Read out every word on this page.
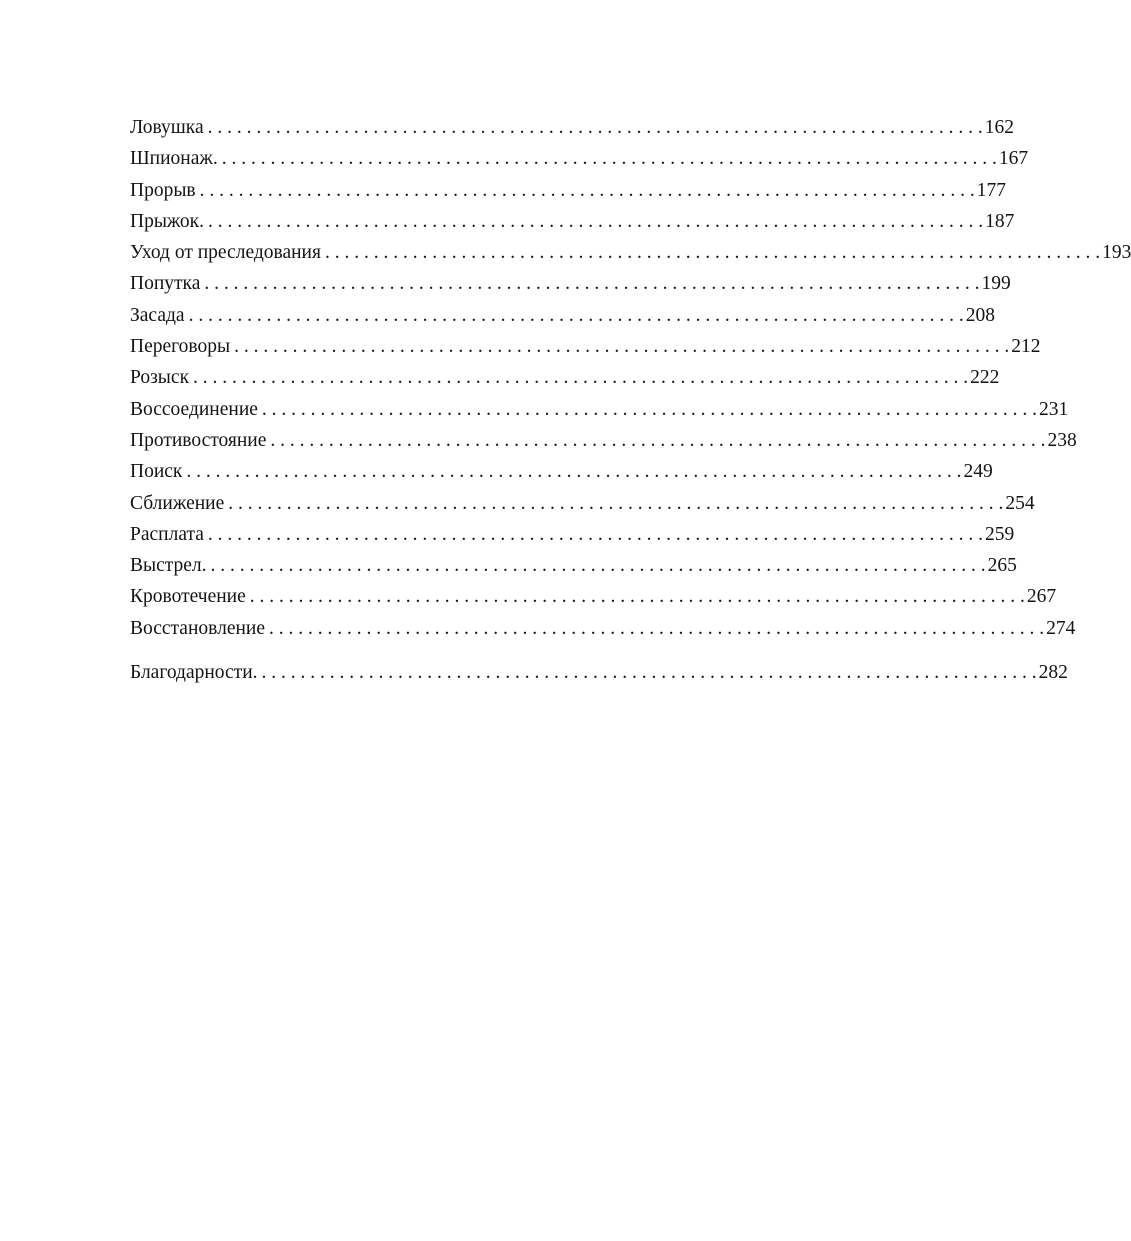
Ловушка . . . . . . . . . . . . . . . . . . . . . . . . . . . . . . . . . . . . . . . . . . . . . . . . . . . . . . . . . . . . . . . . . . . . . . . . . . . . . . . . 162
Шпионаж. . . . . . . . . . . . . . . . . . . . . . . . . . . . . . . . . . . . . . . . . . . . . . . . . . . . . . . . . . . . . . . . . . . . . . . . . . . . . . . . . 167
Прорыв . . . . . . . . . . . . . . . . . . . . . . . . . . . . . . . . . . . . . . . . . . . . . . . . . . . . . . . . . . . . . . . . . . . . . . . . . . . . . . . . 177
Прыжок. . . . . . . . . . . . . . . . . . . . . . . . . . . . . . . . . . . . . . . . . . . . . . . . . . . . . . . . . . . . . . . . . . . . . . . . . . . . . . . . . 187
Уход от преследования . . . . . . . . . . . . . . . . . . . . . . . . . . . . . . . . . . . . . . . . . . . . . . . . . . . . . . . . . . . . . . . . . . . . . . . . . . . . . . . . 193
Попутка . . . . . . . . . . . . . . . . . . . . . . . . . . . . . . . . . . . . . . . . . . . . . . . . . . . . . . . . . . . . . . . . . . . . . . . . . . . . . . . . 199
Засада . . . . . . . . . . . . . . . . . . . . . . . . . . . . . . . . . . . . . . . . . . . . . . . . . . . . . . . . . . . . . . . . . . . . . . . . . . . . . . . . 208
Переговоры . . . . . . . . . . . . . . . . . . . . . . . . . . . . . . . . . . . . . . . . . . . . . . . . . . . . . . . . . . . . . . . . . . . . . . . . . . . . . . . . 212
Розыск . . . . . . . . . . . . . . . . . . . . . . . . . . . . . . . . . . . . . . . . . . . . . . . . . . . . . . . . . . . . . . . . . . . . . . . . . . . . . . . . 222
Воссоединение . . . . . . . . . . . . . . . . . . . . . . . . . . . . . . . . . . . . . . . . . . . . . . . . . . . . . . . . . . . . . . . . . . . . . . . . . . . . . . . . 231
Противостояние . . . . . . . . . . . . . . . . . . . . . . . . . . . . . . . . . . . . . . . . . . . . . . . . . . . . . . . . . . . . . . . . . . . . . . . . . . . . . . . . 238
Поиск . . . . . . . . . . . . . . . . . . . . . . . . . . . . . . . . . . . . . . . . . . . . . . . . . . . . . . . . . . . . . . . . . . . . . . . . . . . . . . . . 249
Сближение . . . . . . . . . . . . . . . . . . . . . . . . . . . . . . . . . . . . . . . . . . . . . . . . . . . . . . . . . . . . . . . . . . . . . . . . . . . . . . . . 254
Расплата . . . . . . . . . . . . . . . . . . . . . . . . . . . . . . . . . . . . . . . . . . . . . . . . . . . . . . . . . . . . . . . . . . . . . . . . . . . . . . . . 259
Выстрел. . . . . . . . . . . . . . . . . . . . . . . . . . . . . . . . . . . . . . . . . . . . . . . . . . . . . . . . . . . . . . . . . . . . . . . . . . . . . . . . . 265
Кровотечение . . . . . . . . . . . . . . . . . . . . . . . . . . . . . . . . . . . . . . . . . . . . . . . . . . . . . . . . . . . . . . . . . . . . . . . . . . . . . . . . 267
Восстановление . . . . . . . . . . . . . . . . . . . . . . . . . . . . . . . . . . . . . . . . . . . . . . . . . . . . . . . . . . . . . . . . . . . . . . . . . . . . . . . . 274
Благодарности. . . . . . . . . . . . . . . . . . . . . . . . . . . . . . . . . . . . . . . . . . . . . . . . . . . . . . . . . . . . . . . . . . . . . . . . . . . . . . . . . 282
